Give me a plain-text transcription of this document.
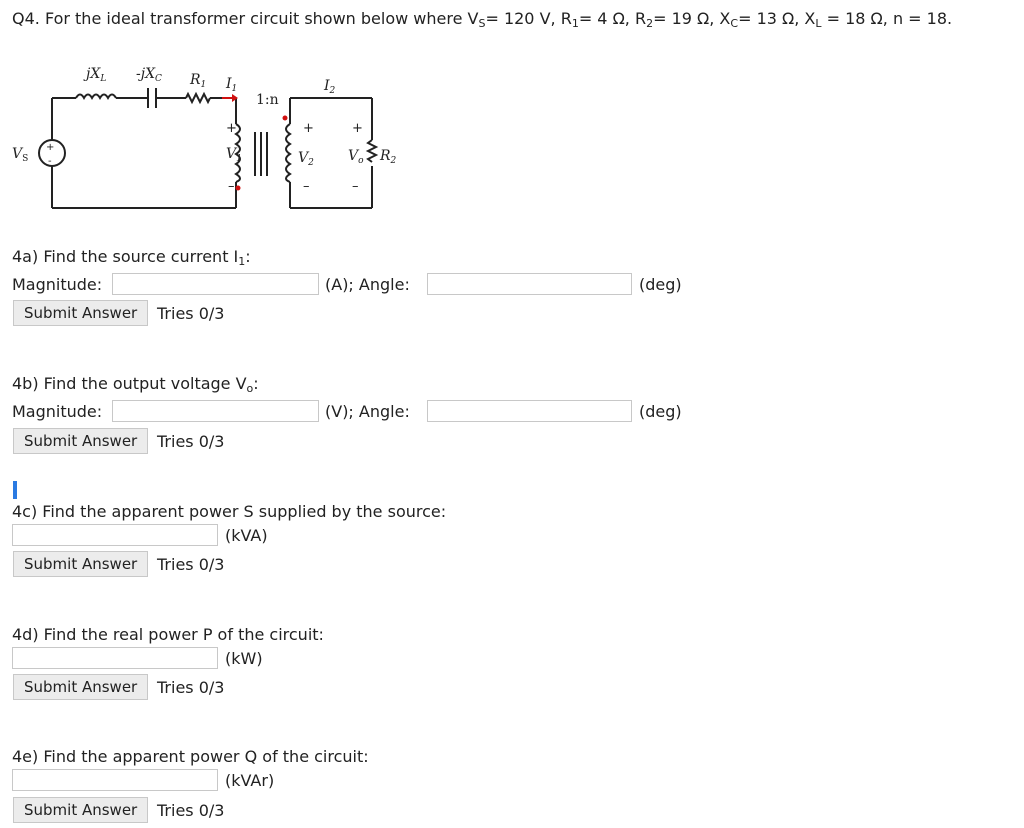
Q4. For the ideal transformer circuit shown below where VS= 120 V, R1= 4 Ω, R2= 19 Ω, XC= 13 Ω, XL = 18 Ω, n = 18.
+
-
$jX_L$ $-jX_C$ $R_1$ $I_1$
1:n
$I_2$
$V_S$	$V_1$	$V_2$ $V_o$ $R_2$
+
–
+
–
+
–
4a) Find the source current I1:
Magnitude:	(A); Angle:	(deg)
Submit Answer	Tries 0/3
4b) Find the output voltage Vo:
Magnitude:	(V); Angle:	(deg)
Submit Answer	Tries 0/3
4c) Find the apparent power S supplied by the source:
(kVA)
Submit Answer	Tries 0/3
4d) Find the real power P of the circuit:
(kW)
Submit Answer	Tries 0/3
4e) Find the apparent power Q of the circuit:
(kVAr)
Submit Answer	Tries 0/3
